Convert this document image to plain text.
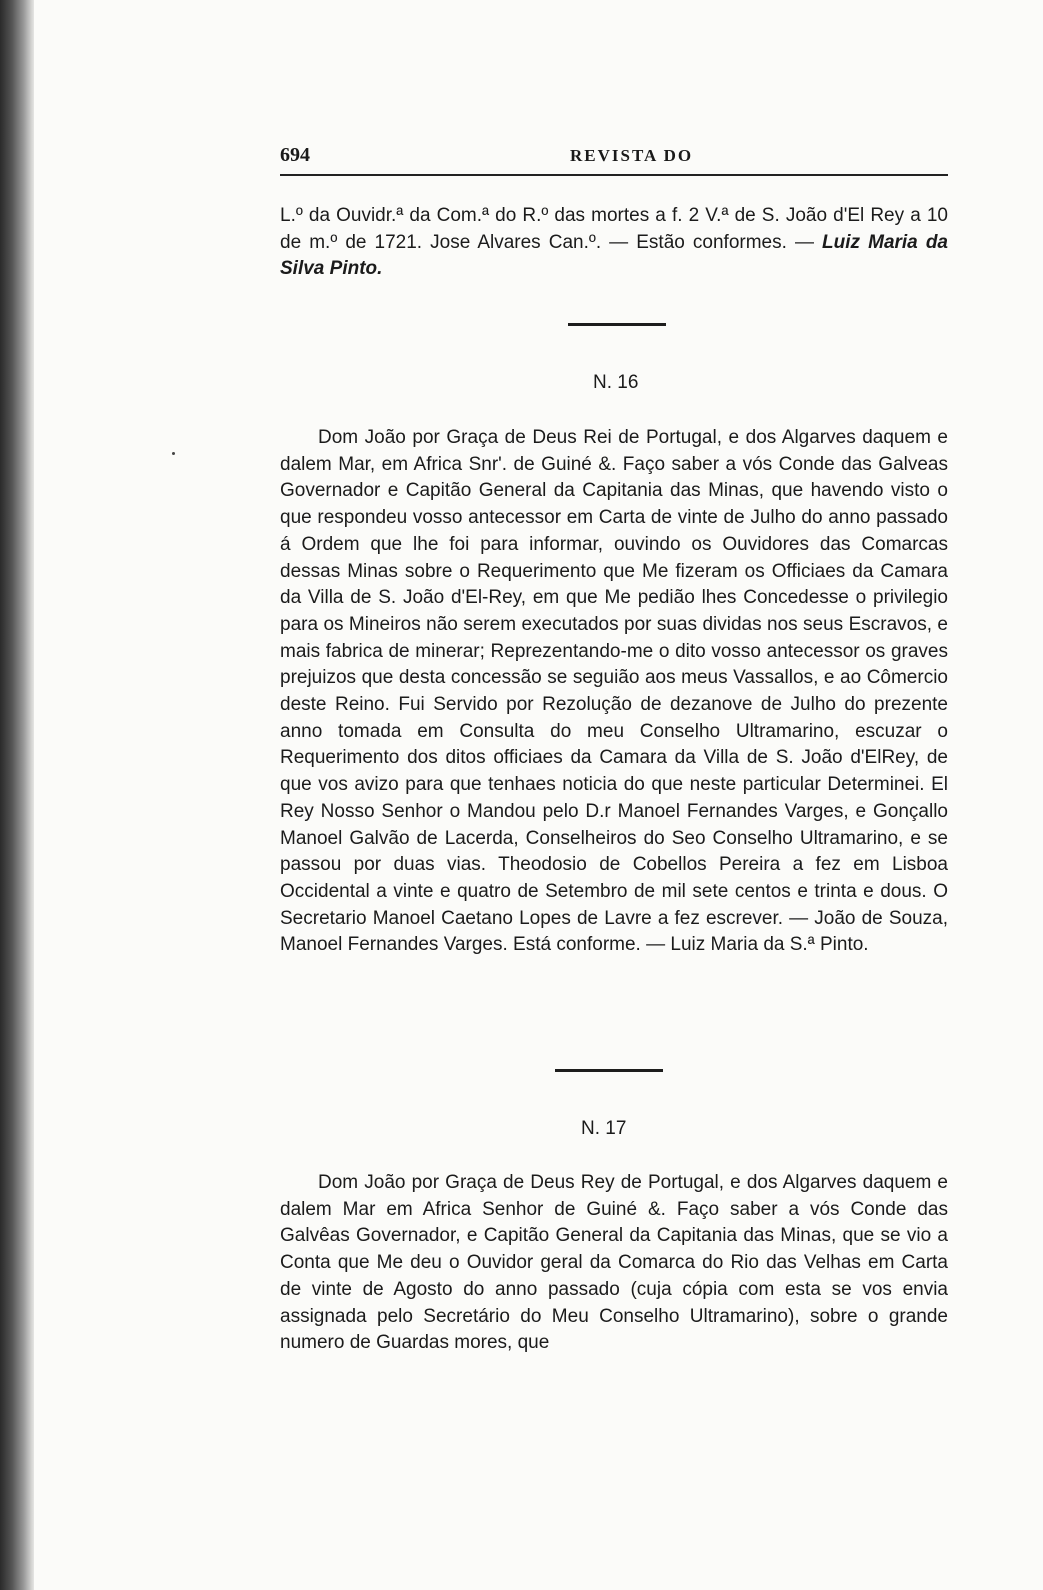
694	REVISTA DO

L.º da Ouvidr.ª da Com.ª do R.º das mortes a f. 2 V.ª de S. João d'El Rey a 10 de m.º de 1721. Jose Alvares Can.º. — Estão conformes. — Luiz Maria da Silva Pinto.

N. 16

Dom João por Graça de Deus Rei de Portugal, e dos Algarves daquem e dalem Mar, em Africa Snr'. de Guiné &. Faço saber a vós Conde das Galveas Governador e Capitão General da Capitania das Minas, que havendo visto o que respondeu vosso antecessor em Carta de vinte de Julho do anno passado á Ordem que lhe foi para informar, ouvindo os Ouvidores das Comarcas dessas Minas sobre o Requerimento que Me fizeram os Officiaes da Camara da Villa de S. João d'El-Rey, em que Me pedião lhes Concedesse o privilegio para os Mineiros não serem executados por suas dividas nos seus Escravos, e mais fabrica de minerar; Reprezentando-me o dito vosso antecessor os graves prejuizos que desta concessão se seguião aos meus Vassallos, e ao Cômercio deste Reino. Fui Servido por Rezolução de dezanove de Julho do prezente anno tomada em Consulta do meu Conselho Ultramarino, escuzar o Requerimento dos ditos officiaes da Camara da Villa de S. João d'ElRey, de que vos avizo para que tenhaes noticia do que neste particular Determinei. El Rey Nosso Senhor o Mandou pelo D.r Manoel Fernandes Varges, e Gonçallo Manoel Galvão de Lacerda, Conselheiros do Seo Conselho Ultramarino, e se passou por duas vias. Theodosio de Cobellos Pereira a fez em Lisboa Occidental a vinte e quatro de Setembro de mil sete centos e trinta e dous. O Secretario Manoel Caetano Lopes de Lavre a fez escrever. — João de Souza, Manoel Fernandes Varges. Está conforme. — Luiz Maria da S.ª Pinto.

N. 17

Dom João por Graça de Deus Rey de Portugal, e dos Algarves daquem e dalem Mar em Africa Senhor de Guiné &. Faço saber a vós Conde das Galvêas Governador, e Capitão General da Capitania das Minas, que se vio a Conta que Me deu o Ouvidor geral da Comarca do Rio das Velhas em Carta de vinte de Agosto do anno passado (cuja cópia com esta se vos envia assignada pelo Secretário do Meu Conselho Ultramarino), sobre o grande numero de Guardas mores, que
